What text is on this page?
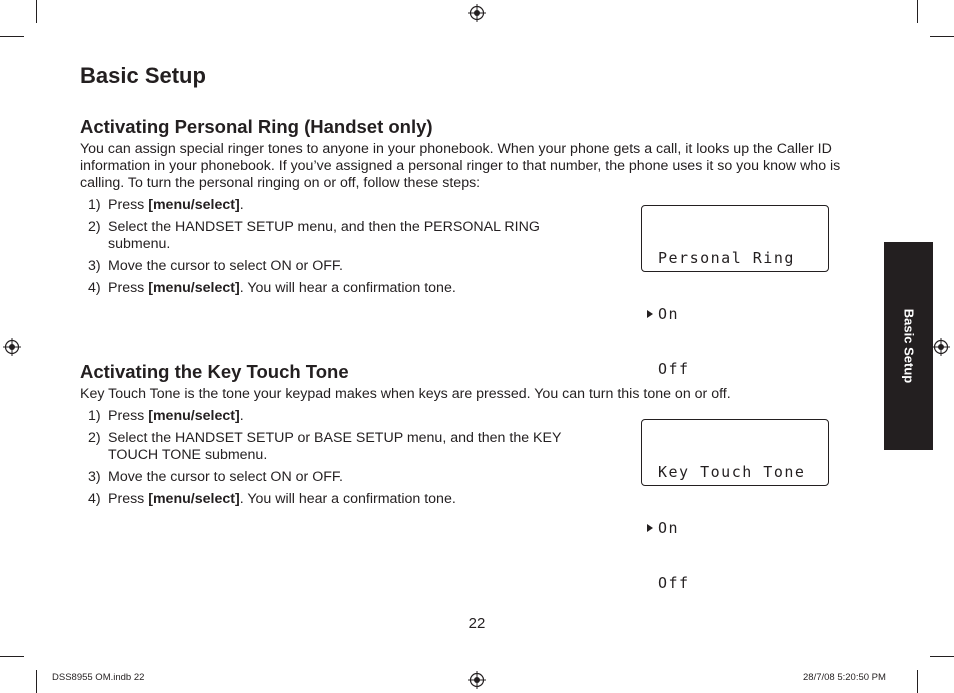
Basic Setup
Activating Personal Ring (Handset only)

You can assign special ringer tones to anyone in your phonebook. When your phone gets a call, it looks up the Caller ID information in your phonebook. If you’ve assigned a personal ringer to that number, the phone uses it so you know who is calling. To turn the personal ringing on or off, follow these steps:

1) Press [menu/select].
2) Select the HANDSET SETUP menu, and then the PERSONAL RING submenu.
3) Move the cursor to select ON or OFF.
4) Press [menu/select]. You will hear a confirmation tone.

Personal Ring

On

Off

Activating the Key Touch Tone

Key Touch Tone is the tone your keypad makes when keys are pressed. You can turn this tone on or off.

1) Press [menu/select].
2) Select the HANDSET SETUP or BASE SETUP menu, and then the KEY TOUCH TONE submenu.
3) Move the cursor to select ON or OFF.
4) Press [menu/select]. You will hear a confirmation tone.

Key Touch Tone

On

Off

Basic Setup
22
DSS8955 OM.indb 22	28/7/08 5:20:50 PM
